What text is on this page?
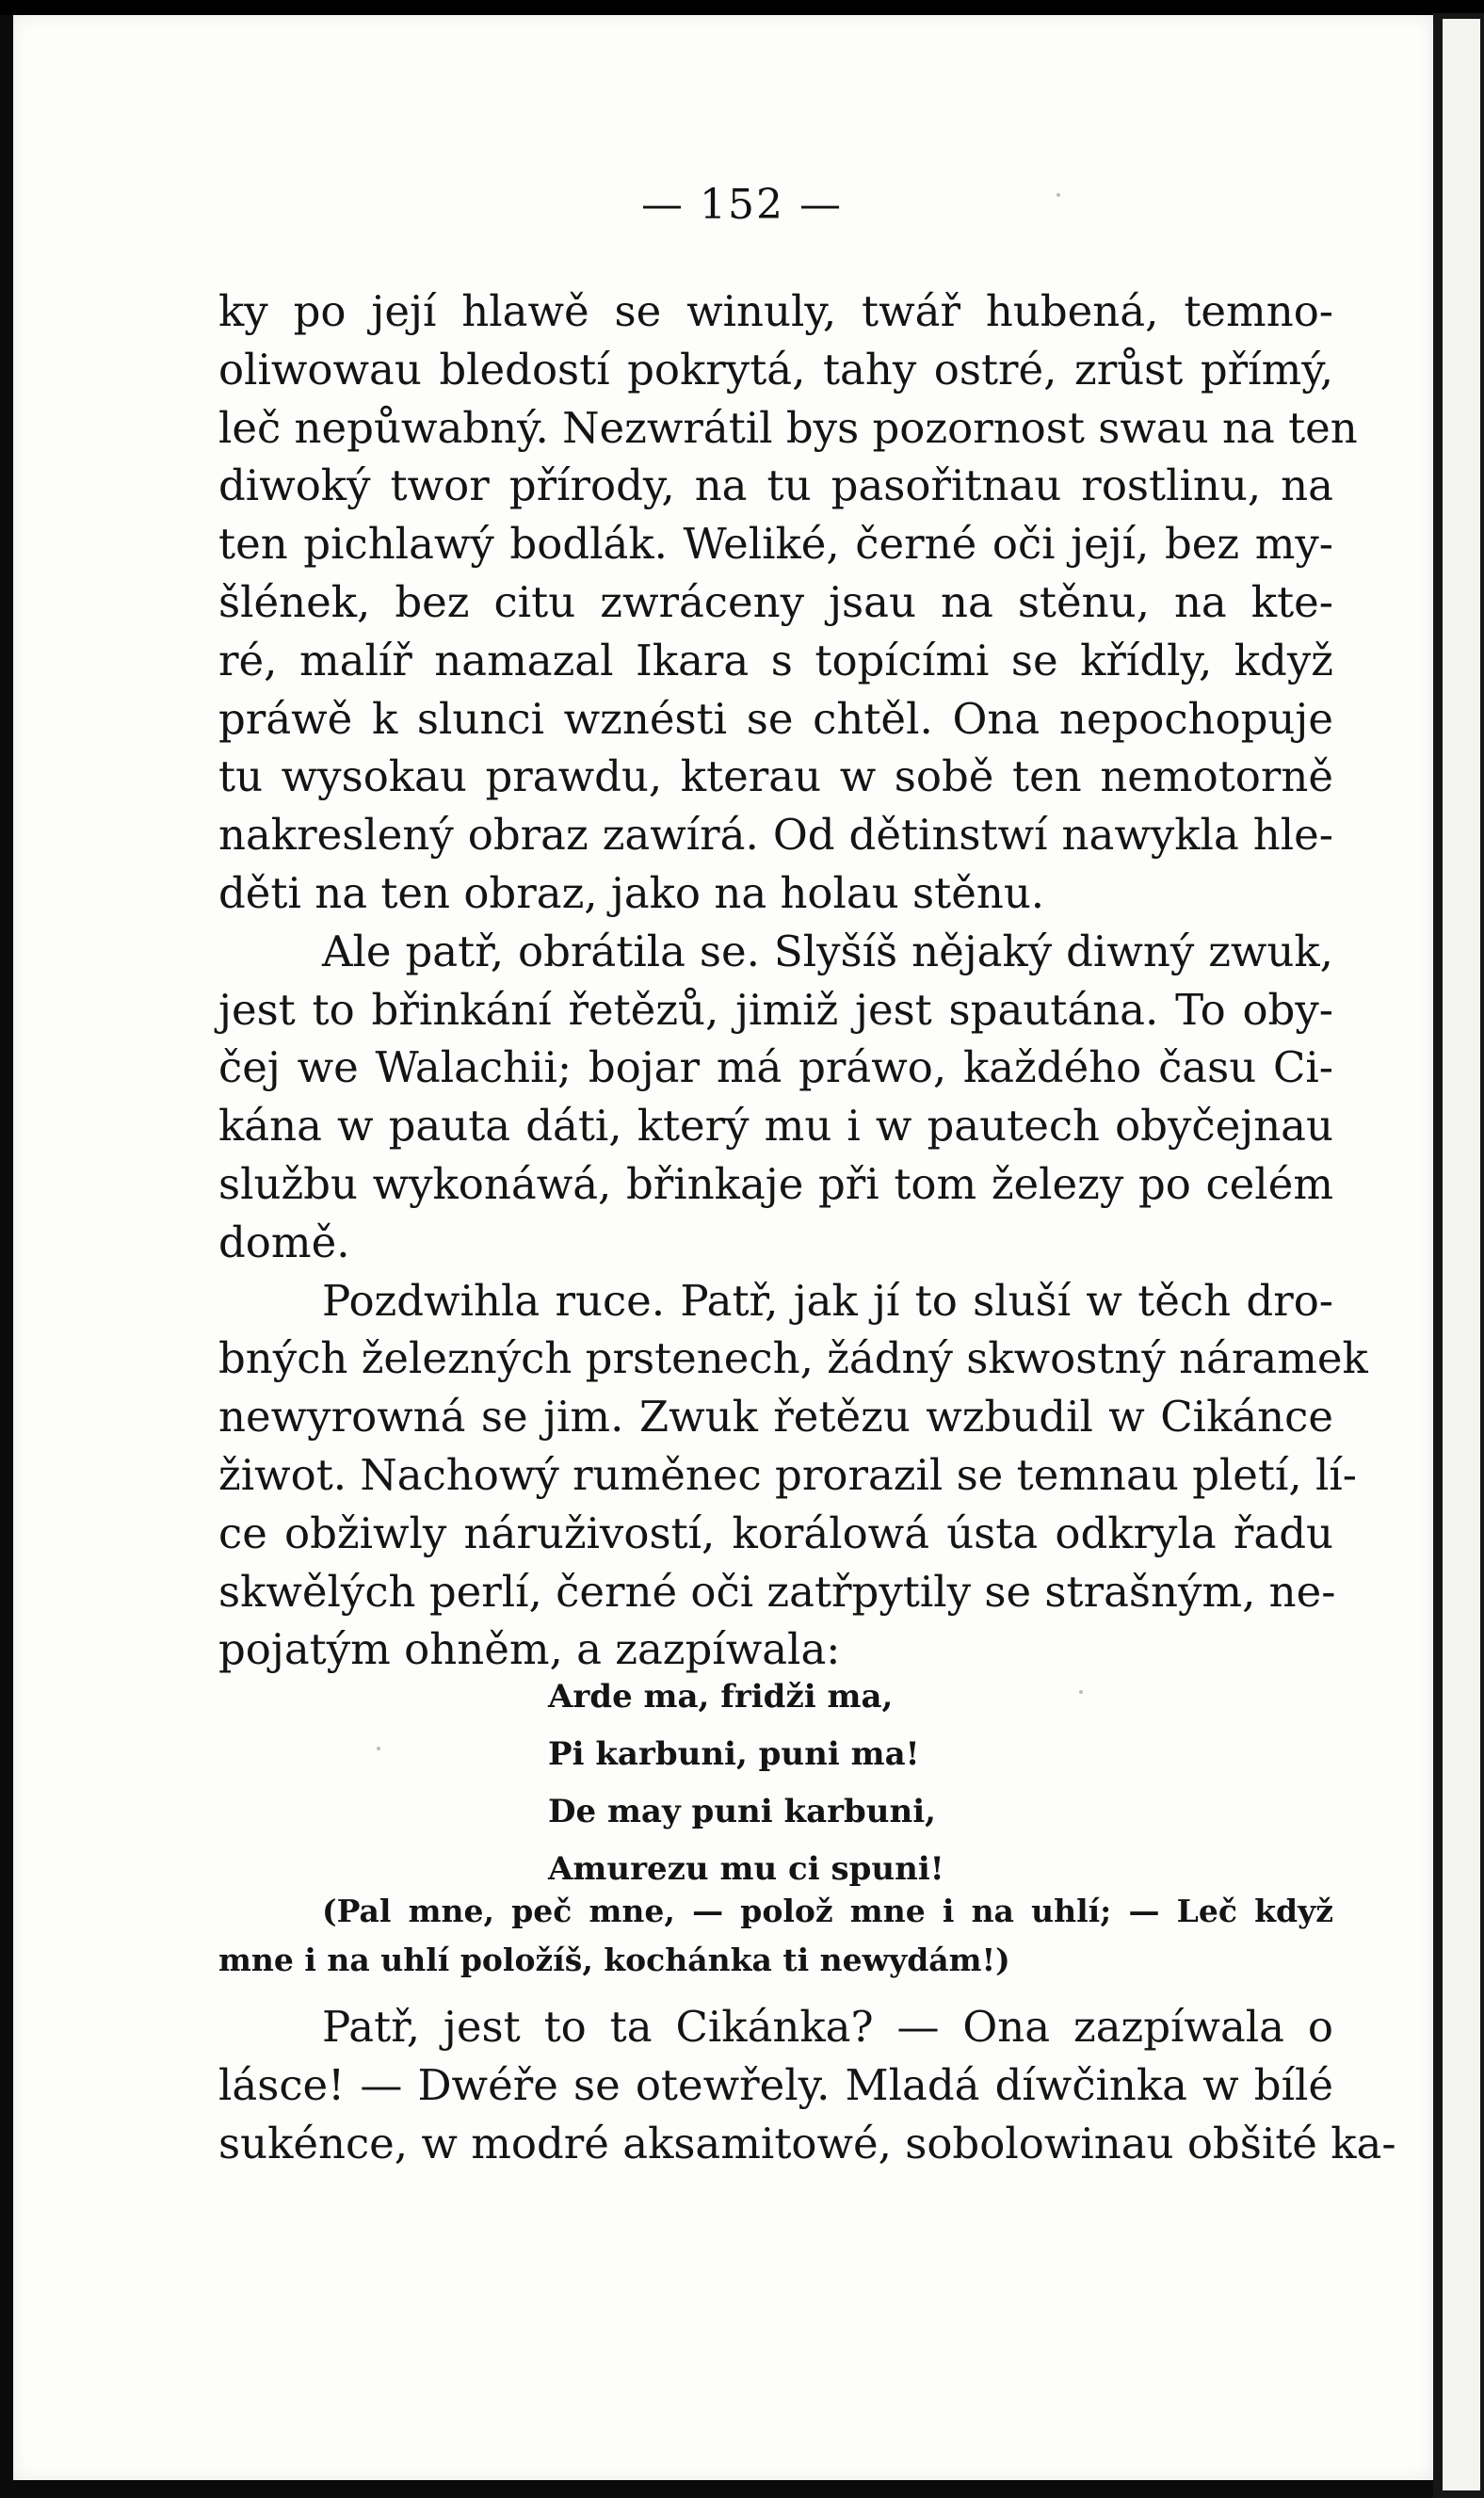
— 152 —
ky po její hlawě se winuly, twář hubená, temno-
oliwowau bledostí pokrytá, tahy ostré, zrůst přímý,
leč nepůwabný. Nezwrátil bys pozornost swau na ten
diwoký twor přírody, na tu pasořitnau rostlinu, na
ten pichlawý bodlák. Weliké, černé oči její, bez my-
šlének, bez citu zwráceny jsau na stěnu, na kte-
ré, malíř namazal Ikara s topícími se křídly, když
práwě k slunci wznésti se chtěl. Ona nepochopuje
tu wysokau prawdu, kterau w sobě ten nemotorně
nakreslený obraz zawírá. Od dětinstwí nawykla hle-
děti na ten obraz, jako na holau stěnu.
Ale patř, obrátila se. Slyšíš nějaký diwný zwuk,
jest to břinkání řetězů, jimiž jest spautána. To oby-
čej we Walachii; bojar má práwo, každého času Ci-
kána w pauta dáti, který mu i w pautech obyčejnau
službu wykonáwá, břinkaje při tom železy po celém
domě.
Pozdwihla ruce. Patř, jak jí to sluší w těch dro-
bných železných prstenech, žádný skwostný náramek
newyrowná se jim. Zwuk řetězu wzbudil w Cikánce
žiwot. Nachowý ruměnec prorazil se temnau pletí, lí-
ce obžiwly náruživostí, korálowá ústa odkryla řadu
skwělých perlí, černé oči zatřpytily se strašným, ne-
pojatým ohněm, a zazpíwala:
Arde ma, fridži ma,
Pi karbuni, puni ma!
De may puni karbuni,
Amurezu mu ci spuni!
(Pal mne, peč mne, — polož mne i na uhlí; — Leč když
mne i na uhlí položíš, kochánka ti newydám!)
Patř, jest to ta Cikánka? — Ona zazpíwala o
lásce! — Dwéře se otewřely. Mladá díwčinka w bílé
sukénce, w modré aksamitowé, sobolowinau obšité ka-
